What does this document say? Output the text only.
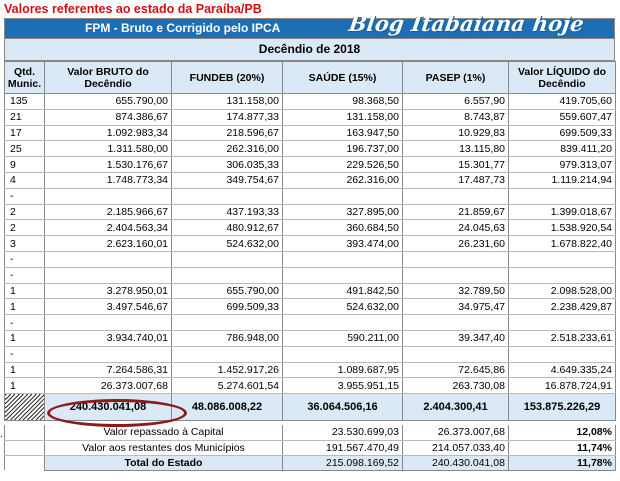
Valores referentes ao estado da Paraíba/PB
FPM - Bruto e Corrigido pelo IPCA	Blog Itabaiana hoje
Decêndio de 2018
Qtd. Munic.	Valor BRUTO do Decêndio	FUNDEB (20%)	SAÚDE (15%)	PASEP (1%)	Valor LÍQUIDO do Decêndio
135	655.790,00	131.158,00	98.368,50	6.557,90	419.705,60
21	874.386,67	174.877,33	131.158,00	8.743,87	559.607,47
17	1.092.983,34	218.596,67	163.947,50	10.929,83	699.509,33
25	1.311.580,00	262.316,00	196.737,00	13.115,80	839.411,20
9	1.530.176,67	306.035,33	229.526,50	15.301,77	979.313,07
4	1.748.773,34	349.754,67	262.316,00	17.487,73	1.119.214,94
-					
2	2.185.966,67	437.193,33	327.895,00	21.859,67	1.399.018,67
2	2.404.563,34	480.912,67	360.684,50	24.045,63	1.538.920,54
3	2.623.160,01	524.632,00	393.474,00	26.231,60	1.678.822,40
-					
-					
1	3.278.950,01	655.790,00	491.842,50	32.789,50	2.098.528,00
1	3.497.546,67	699.509,33	524.632,00	34.975,47	2.238.429,87
-					
1	3.934.740,01	786.948,00	590.211,00	39.347,40	2.518.233,61
-					
1	7.264.586,31	1.452.917,26	1.089.687,95	72.645,86	4.649.335,24
1	26.373.007,68	5.274.601,54	3.955.951,15	263.730,08	16.878.724,91
	240.430.041,08	48.086.008,22	36.064.506,16	2.404.300,41	153.875.226,29
.
		Valor repassado à Capital	23.530.699,03	26.373.007,68	12,08%
	Valor aos restantes dos Municípios	191.567.470,49	214.057.033,40	11,74%
	Total do Estado	215.098.169,52	240.430.041,08	11,78%
